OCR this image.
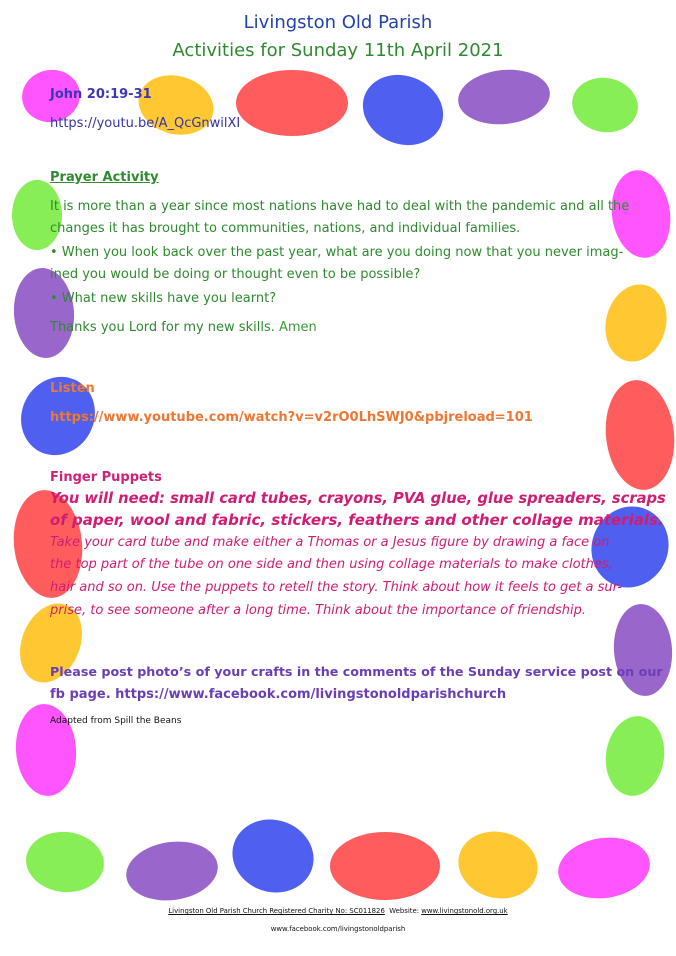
Livingston Old Parish
Activities for Sunday 11th April 2021

John 20:19-31

https://youtu.be/A_QcGnwilXI

Prayer Activity

It is more than a year since most nations have had to deal with the pandemic and all the

changes it has brought to communities, nations, and individual families.

• When you look back over the past year, what are you doing now that you never imag-

ined you would be doing or thought even to be possible?

• What new skills have you learnt?

Thanks you Lord for my new skills. Amen

Listen

https://www.youtube.com/watch?v=v2rO0LhSWJ0&pbjreload=101

Finger Puppets

You will need: small card tubes, crayons, PVA glue, glue spreaders, scraps

of paper, wool and fabric, stickers, feathers and other collage materials.

Take your card tube and make either a Thomas or a Jesus figure by drawing a face on

the top part of the tube on one side and then using collage materials to make clothes,

hair and so on. Use the puppets to retell the story. Think about how it feels to get a sur-

prise, to see someone after a long time. Think about the importance of friendship.

Please post photo’s of your crafts in the comments of the Sunday service post on our

fb page. https://www.facebook.com/livingstonoldparishchurch

Adapted from Spill the Beans

Livingston Old Parish Church Registered Charity No: SC011826  Website: www.livingstonold.org.uk

www.facebook.com/livingstonoldparish
